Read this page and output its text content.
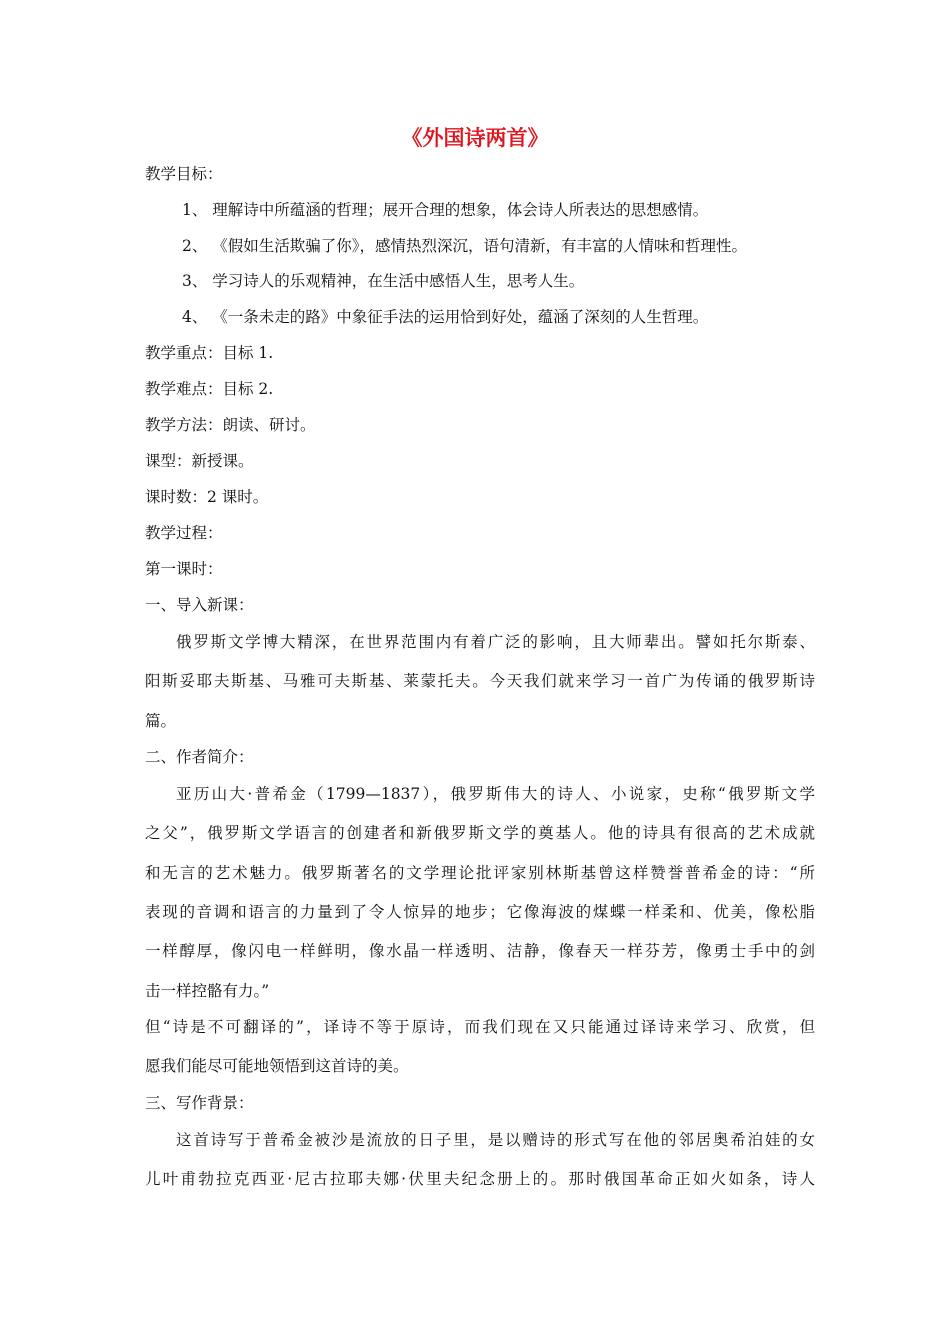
《外国诗两首》
教学目标：
1、 理解诗中所蕴涵的哲理；展开合理的想象，体会诗人所表达的思想感情。
2、 《假如生活欺骗了你》，感情热烈深沉，语句清新，有丰富的人情味和哲理性。
3、 学习诗人的乐观精神，在生活中感悟人生，思考人生。
4、 《一条未走的路》中象征手法的运用恰到好处，蕴涵了深刻的人生哲理。
教学重点：目标 1.
教学难点：目标 2.
教学方法：朗读、研讨。
课型：新授课。
课时数：2 课时。
教学过程：
第一课时：
一、导入新课：
俄罗斯文学博大精深，在世界范围内有着广泛的影响，且大师辈出。譬如托尔斯泰、
阳斯妥耶夫斯基、马雅可夫斯基、莱蒙托夫。今天我们就来学习一首广为传诵的俄罗斯诗
篇。
二、作者简介：
亚历山大·普希金（1799—1837），俄罗斯伟大的诗人、小说家，史称“俄罗斯文学
之父”，俄罗斯文学语言的创建者和新俄罗斯文学的奠基人。他的诗具有很高的艺术成就
和无言的艺术魅力。俄罗斯著名的文学理论批评家别林斯基曾这样赞誉普希金的诗：“所
表现的音调和语言的力量到了令人惊异的地步；它像海波的煤蝶一样柔和、优美，像松脂
一样醇厚，像闪电一样鲜明，像水晶一样透明、洁静，像春天一样芬芳，像勇士手中的剑
击一样控骼有力。”
但“诗是不可翻译的”，译诗不等于原诗，而我们现在又只能通过译诗来学习、欣赏，但
愿我们能尽可能地领悟到这首诗的美。
三、写作背景：
这首诗写于普希金被沙是流放的日子里，是以赠诗的形式写在他的邻居奥希泊娃的女
儿叶甫勃拉克西亚·尼古拉耶夫娜·伏里夫纪念册上的。那时俄国革命正如火如条，诗人
